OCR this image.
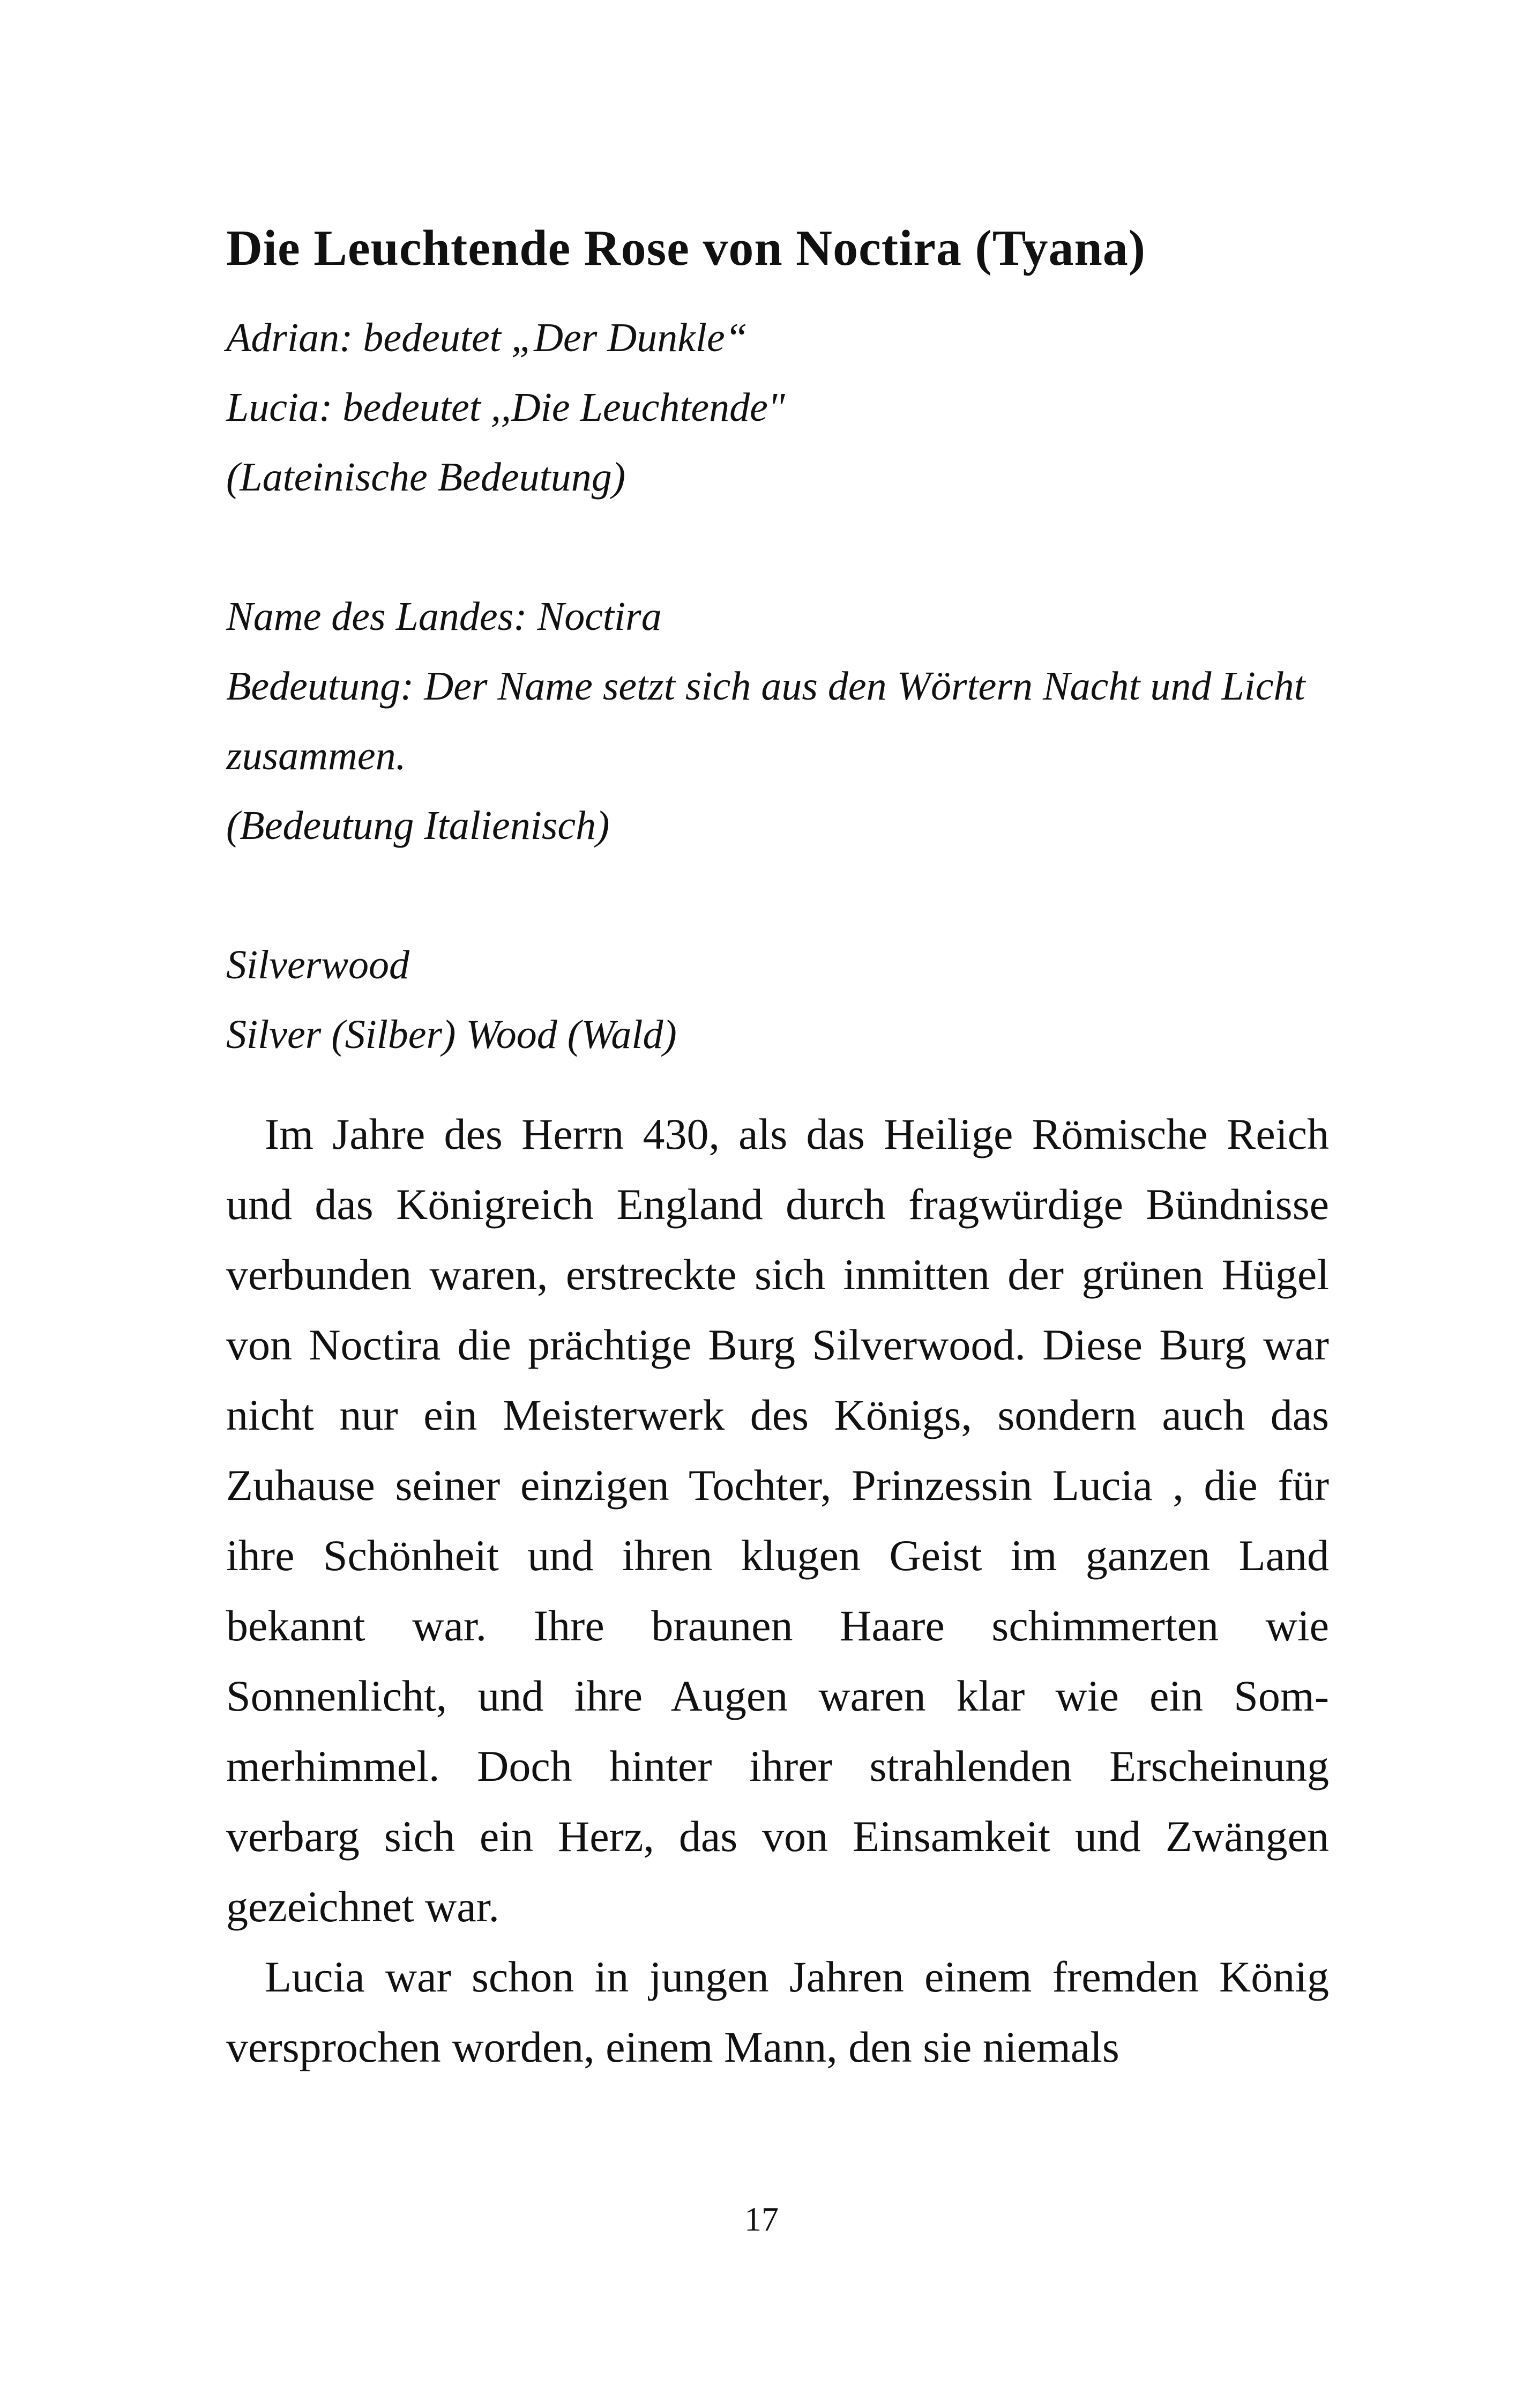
Die Leuchtende Rose von Noctira (Tyana)
Adrian: bedeutet „Der Dunkle“
Lucia: bedeutet ,,Die Leuchtende"
(Lateinische Bedeutung)
Name des Landes: Noctira
Bedeutung: Der Name setzt sich aus den Wörtern Nacht und Licht
zusammen.
(Bedeutung Italienisch)
Silverwood
Silver (Silber) Wood (Wald)

Im Jahre des Herrn 430, als das Heilige Römische Reich und das Königreich England durch fragwürdige Bündnisse verbunden waren, erstreckte sich inmitten der grünen Hügel von Noctira die prächtige Burg Silverwood. Diese Burg war nicht nur ein Meisterwerk des Königs, sondern auch das Zuhause seiner einzigen Tochter, Prinzessin Lucia , die für ihre Schönheit und ihren klugen Geist im ganzen Land bekannt war. Ihre braunen Haare schimmerten wie Sonnenlicht, und ihre Augen waren klar wie ein Sommerhimmel. Doch hinter ihrer strahlenden Erscheinung verbarg sich ein Herz, das von Einsamkeit und Zwängen gezeichnet war.

Lucia war schon in jungen Jahren einem fremden König versprochen worden, einem Mann, den sie niemals

17
